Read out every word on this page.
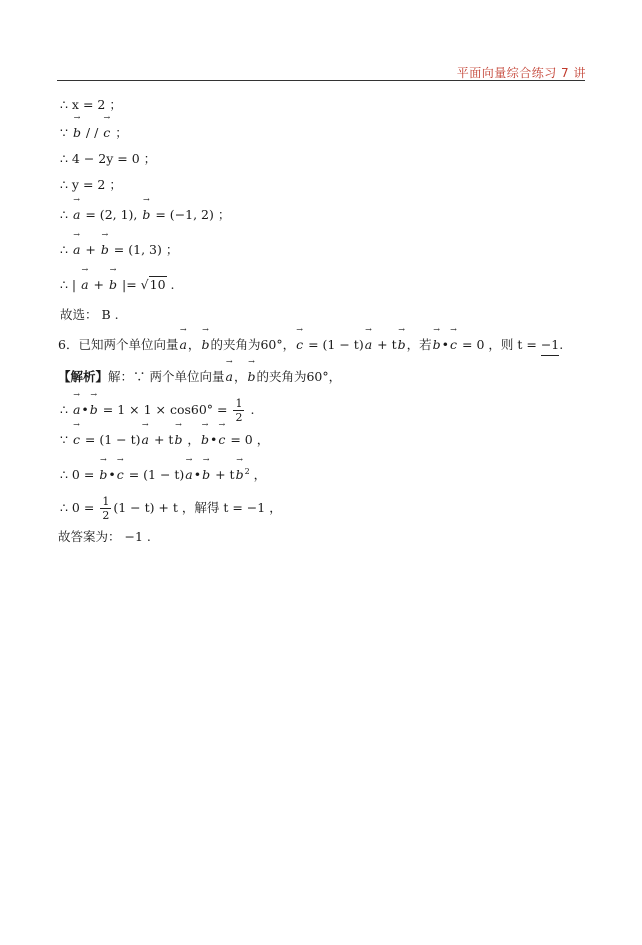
平面向量综合练习 7 讲
∴ x = 2 ；
∵ → b / / → c ；
∴ 4 − 2y = 0 ；
∴ y = 2 ；
∴ → a = (2, 1), → b = (−1, 2) ；
∴ → a + → b = (1, 3) ；
∴ | → a + → b |= √10 .
故选： B .
6．已知两个单位向量→ a，→ b的夹角为60°，→ c = (1 − t)→ a + t→ b，若→ b•→ c = 0 ，则 t = −1.
【解析】解：∵ 两个单位向量→ a，→ b的夹角为60°，
∴ → a•→ $b = 1 \times 1 \times \cos 60^\circ = \frac{1}{2}$ .
∵ → c = (1 − t)→ a + t→ b ，→ b•→ c = 0 ，
∴ 0 = → b•→ c = (1 − t)→ a•→ $b + t\to b^2$ ，
∴ $0 = \frac{1}{2} (1 - t) + t$ ，解得 t = −1 ，
故答案为： −1 .
